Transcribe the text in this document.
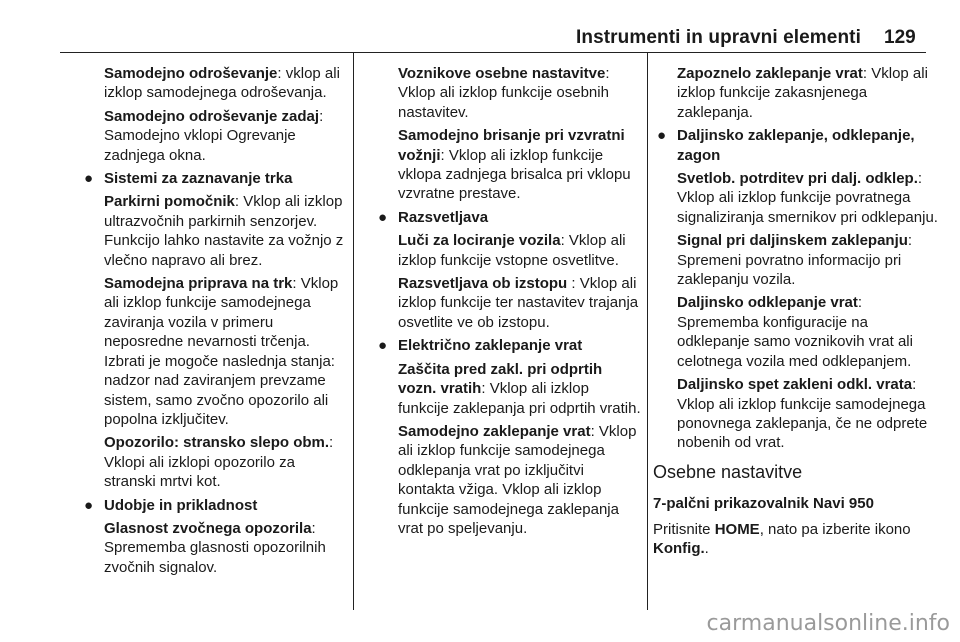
Instrumenti in upravni elementi 129
Samodejno odroševanje: vklop ali izklop samodejnega odroševanja.
Samodejno odroševanje zadaj: Samodejno vklopi Ogrevanje zadnjega okna.
● Sistemi za zaznavanje trka
Parkirni pomočnik: Vklop ali izklop ultrazvočnih parkirnih senzorjev. Funkcijo lahko nastavite za vožnjo z vlečno napravo ali brez.
Samodejna priprava na trk: Vklop ali izklop funkcije samodejnega zaviranja vozila v primeru neposredne nevarnosti trčenja. Izbrati je mogoče naslednja stanja: nadzor nad zaviranjem prevzame sistem, samo zvočno opozorilo ali popolna izključitev.
Opozorilo: stransko slepo obm.: Vklopi ali izklopi opozorilo za stranski mrtvi kot.
● Udobje in prikladnost
Glasnost zvočnega opozorila: Sprememba glasnosti opozorilnih zvočnih signalov.
Voznikove osebne nastavitve: Vklop ali izklop funkcije osebnih nastavitev.
Samodejno brisanje pri vzvratni vožnji: Vklop ali izklop funkcije vklopa zadnjega brisalca pri vklopu vzvratne prestave.
● Razsvetljava
Luči za lociranje vozila: Vklop ali izklop funkcije vstopne osvetlitve.
Razsvetljava ob izstopu : Vklop ali izklop funkcije ter nastavitev trajanja osvetlite ve ob izstopu.
● Električno zaklepanje vrat
Zaščita pred zakl. pri odprtih vozn. vratih: Vklop ali izklop funkcije zaklepanja pri odprtih vratih.
Samodejno zaklepanje vrat: Vklop ali izklop funkcije samodejnega odklepanja vrat po izključitvi kontakta vžiga. Vklop ali izklop funkcije samodejnega zaklepanja vrat po speljevanju.
Zapoznelo zaklepanje vrat: Vklop ali izklop funkcije zakasnjenega zaklepanja.
● Daljinsko zaklepanje, odklepanje, zagon
Svetlob. potrditev pri dalj. odklep.: Vklop ali izklop funkcije povratnega signaliziranja smernikov pri odklepanju.
Signal pri daljinskem zaklepanju: Spremeni povratno informacijo pri zaklepanju vozila.
Daljinsko odklepanje vrat: Sprememba konfiguracije na odklepanje samo voznikovih vrat ali celotnega vozila med odklepanjem.
Daljinsko spet zakleni odkl. vrata: Vklop ali izklop funkcije samodejnega ponovnega zaklepanja, če ne odprete nobenih od vrat.
Osebne nastavitve
7-palčni prikazovalnik Navi 950
Pritisnite HOME, nato pa izberite ikono Konfig..
carmanualsonline.info
